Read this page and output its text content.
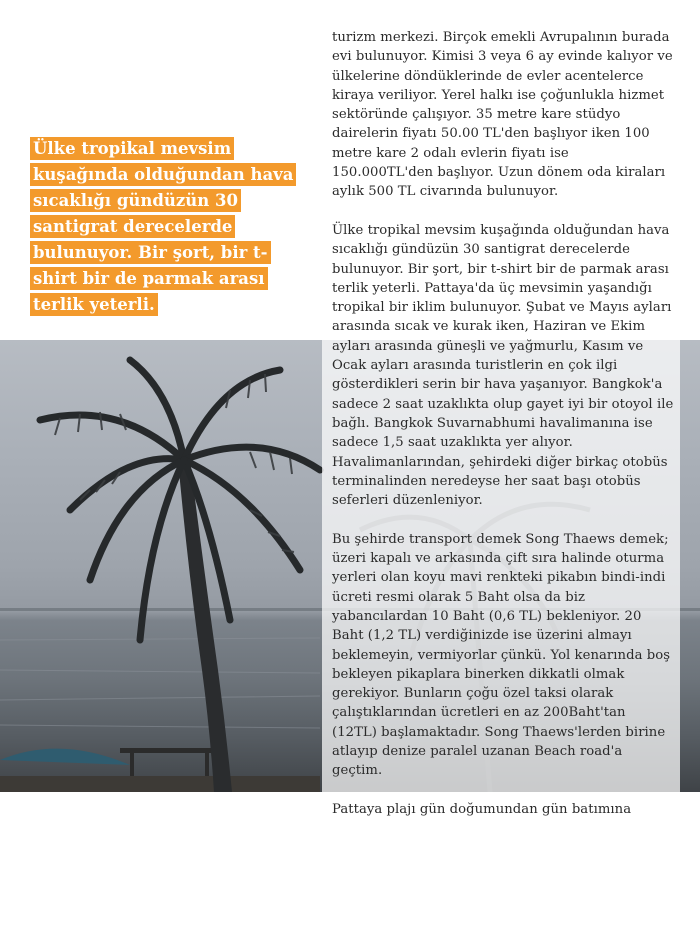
Ülke tropikal mevsim kuşağında olduğundan hava sıcaklığı gündüzün 30 santigrat derecelerde bulunuyor. Bir şort, bir t-shirt bir de parmak arası terlik yeterli.

turizm merkezi. Birçok emekli Avrupalının burada evi bulunuyor. Kimisi 3 veya 6 ay evinde kalıyor ve ülkelerine döndüklerinde de evler acentelerce kiraya veriliyor. Yerel halkı ise çoğunlukla hizmet sektöründe çalışıyor. 35 metre kare stüdyo dairelerin fiyatı 50.00 TL'den başlıyor iken 100 metre kare 2 odalı evlerin fiyatı ise 150.000TL'den başlıyor. Uzun dönem oda kiraları aylık 500 TL civarında bulunuyor.

Ülke tropikal mevsim kuşağında olduğundan hava sıcaklığı gündüzün 30 santigrat derecelerde bulunuyor. Bir şort, bir t-shirt bir de parmak arası terlik yeterli. Pattaya'da üç mevsimin yaşandığı tropikal bir iklim bulunuyor. Şubat ve Mayıs ayları arasında sıcak ve kurak iken, Haziran ve Ekim ayları arasında güneşli ve yağmurlu, Kasım ve Ocak ayları arasında turistlerin en çok ilgi gösterdikleri serin bir hava yaşanıyor. Bangkok'a sadece 2 saat uzaklıkta olup gayet iyi bir otoyol ile bağlı. Bangkok Suvarnabhumi havalimanına ise sadece 1,5 saat uzaklıkta yer alıyor. Havalimanlarından, şehirdeki diğer birkaç otobüs terminalinden neredeyse her saat başı otobüs seferleri düzenleniyor.

Bu şehirde transport demek Song Thaews demek; üzeri kapalı ve arkasında çift sıra halinde oturma yerleri olan koyu mavi renkteki pikabın bindi-indi ücreti resmi olarak 5 Baht olsa da biz yabancılardan 10 Baht (0,6 TL) bekleniyor. 20 Baht (1,2 TL) verdiğinizde ise üzerini almayı beklemeyin, vermiyorlar çünkü. Yol kenarında boş bekleyen pikaplara binerken dikkatli olmak gerekiyor. Bunların çoğu özel taksi olarak çalıştıklarından ücretleri en az 200Baht'tan (12TL) başlamaktadır. Song Thaews'lerden birine atlayıp denize paralel uzanan Beach road'a geçtim.

Pattaya plajı gün doğumundan gün batımına
